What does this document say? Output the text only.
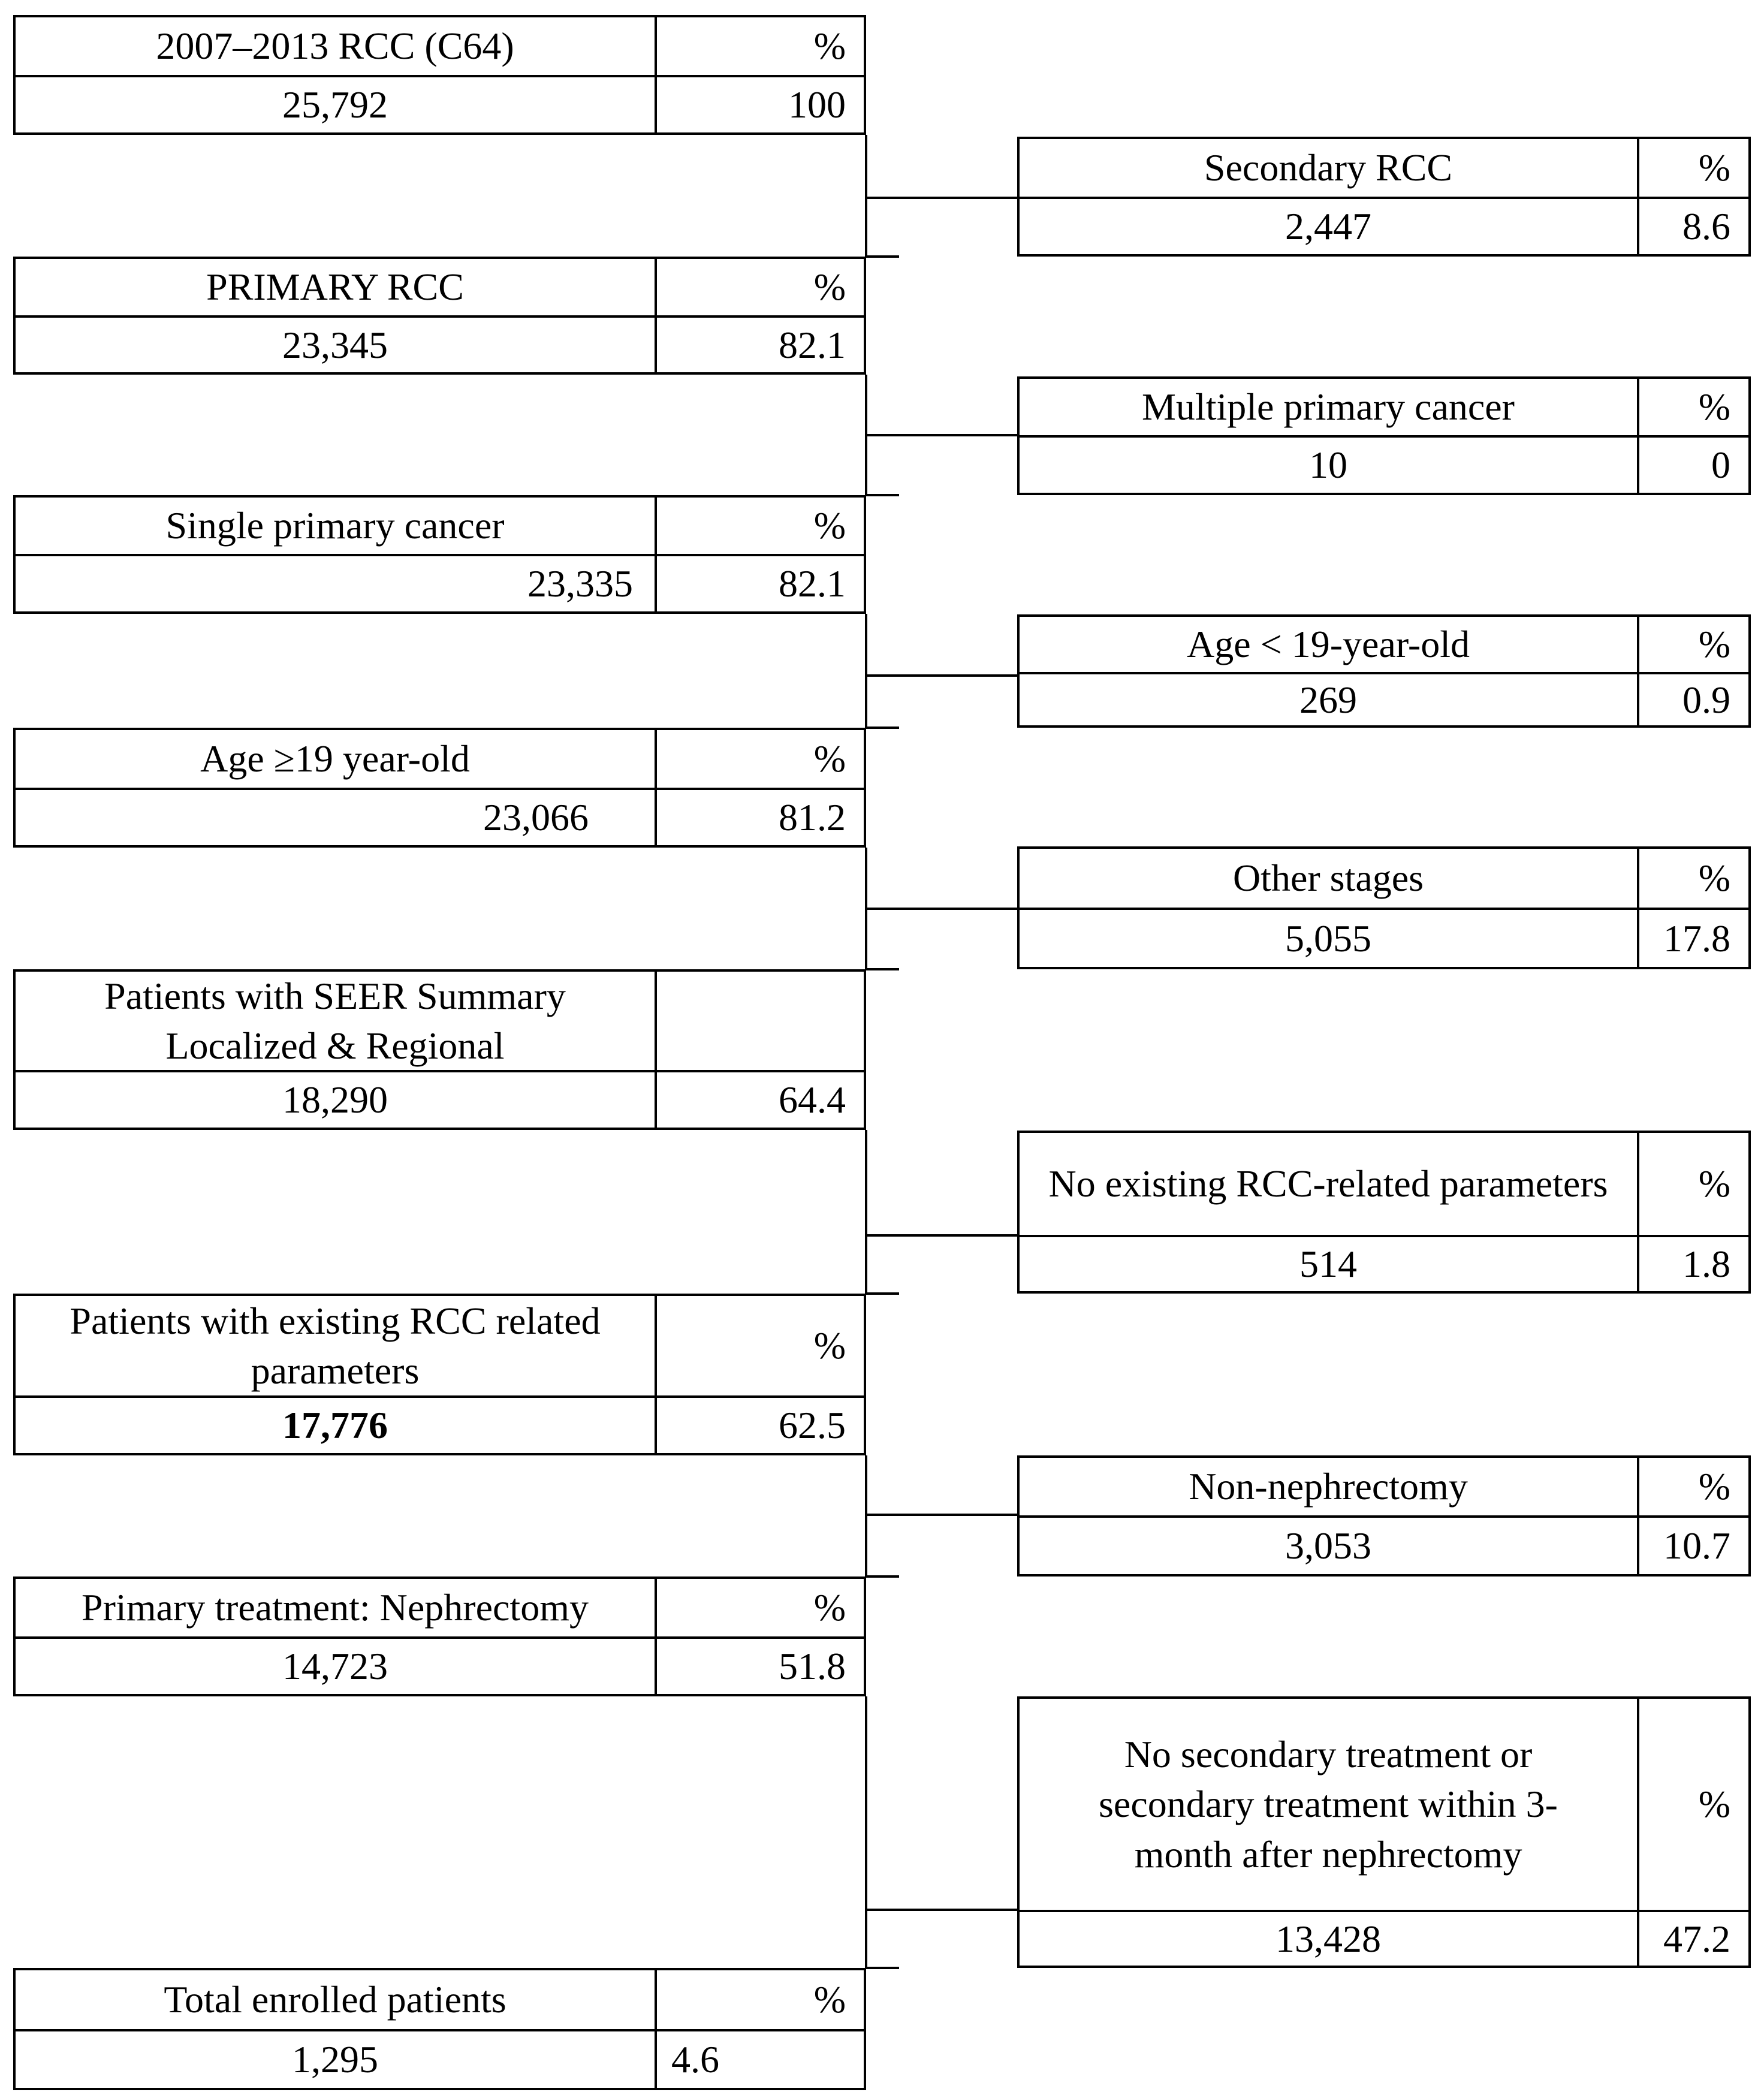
2007–2013 RCC (C64)	%
25,792	100
PRIMARY RCC	%
23,345	82.1
Single primary cancer	%
23,335	82.1
Age ≥19 year-old	%
23,066	81.2
Patients with SEER Summary Localized & Regional
18,290	64.4
Patients with existing RCC related parameters
%
17,776	62.5
Primary treatment: Nephrectomy	%
14,723	51.8
Total enrolled patients	%
1,295	4.6
Secondary RCC	%
2,447	8.6
Multiple primary cancer	%
10	0
Age < 19-year-old	%
269	0.9
Other stages	%
5,055	17.8
No existing RCC-related parameters	%
514	1.8
Non-nephrectomy	%
3,053	10.7
No secondary treatment or secondary treatment within 3-month after nephrectomy
%
13,428	47.2
